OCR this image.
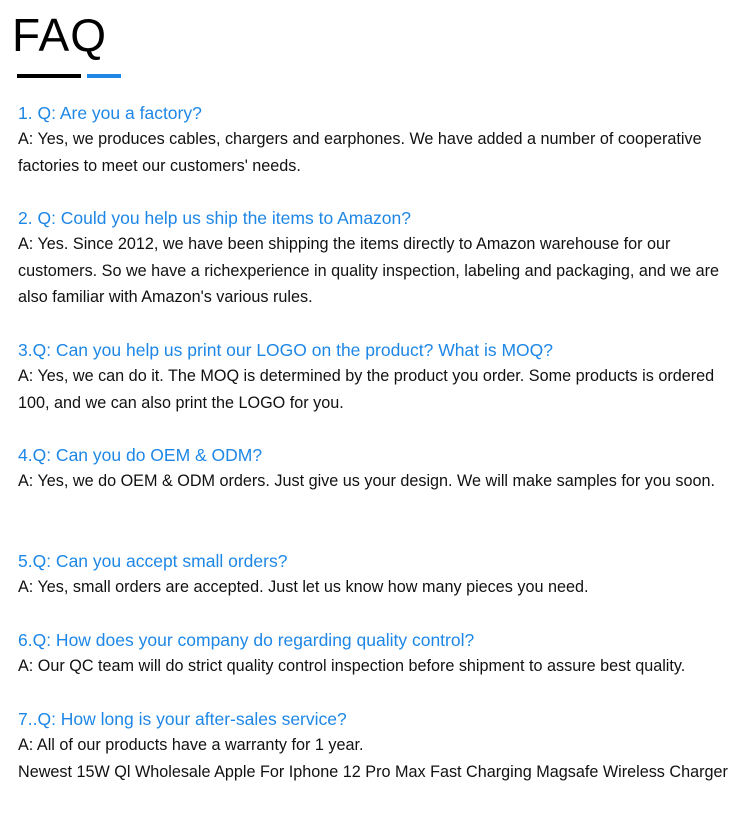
FAQ
1. Q: Are you a factory?
A: Yes, we produces cables, chargers and earphones. We have added a number of cooperative factories to meet our customers' needs.
2. Q: Could you help us ship the items to Amazon?
A: Yes. Since 2012, we have been shipping the items directly to Amazon warehouse for our customers. So we have a richexperience in quality inspection, labeling and packaging, and we are also familiar with Amazon's various rules.
3.Q: Can you help us print our LOGO on the product? What is MOQ?
A: Yes, we can do it. The MOQ is determined by the product you order. Some products is ordered 100, and we can also print the LOGO for you.
4.Q: Can you do OEM & ODM?
A: Yes, we do OEM & ODM orders. Just give us your design. We will make samples for you soon.
5.Q: Can you accept small orders?
A: Yes, small orders are accepted. Just let us know how many pieces you need.
6.Q: How does your company do regarding quality control?
A: Our QC team will do strict quality control inspection before shipment to assure best quality.
7..Q: How long is your after-sales service?
A: All of our products have a warranty for 1 year.
Newest 15W Ql Wholesale Apple For Iphone 12 Pro Max Fast Charging Magsafe Wireless Charger
